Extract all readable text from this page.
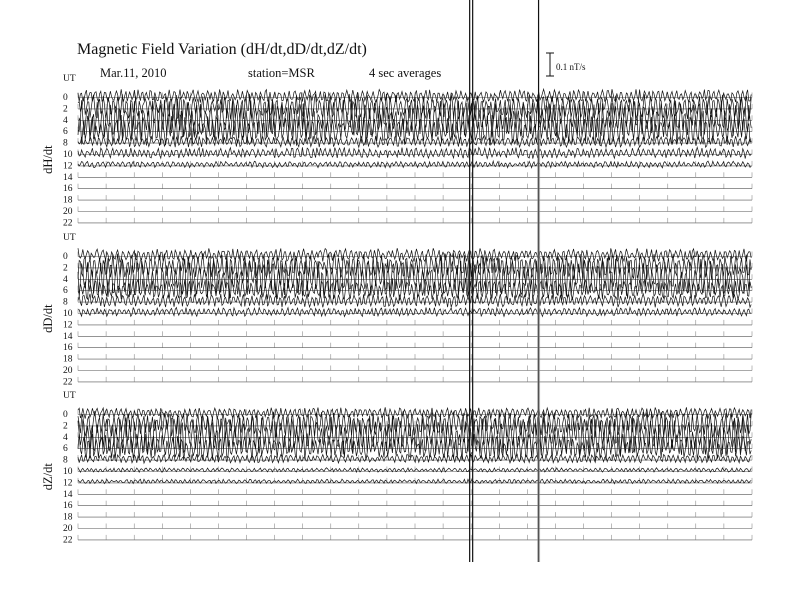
Magnetic Field Variation (dH/dt,dD/dt,dZ/dt)
Mar.11, 2010	station=MSR	4 sec averages	0.1 nT/s
UT
dH/dt
0
2
4
6
8
10
12
14
16
18
20
22
UT
dD/dt
0
2
4
6
8
10
12
14
16
18
20
22
UT
dZ/dt
0
2
4
6
8
10
12
14
16
18
20
22
